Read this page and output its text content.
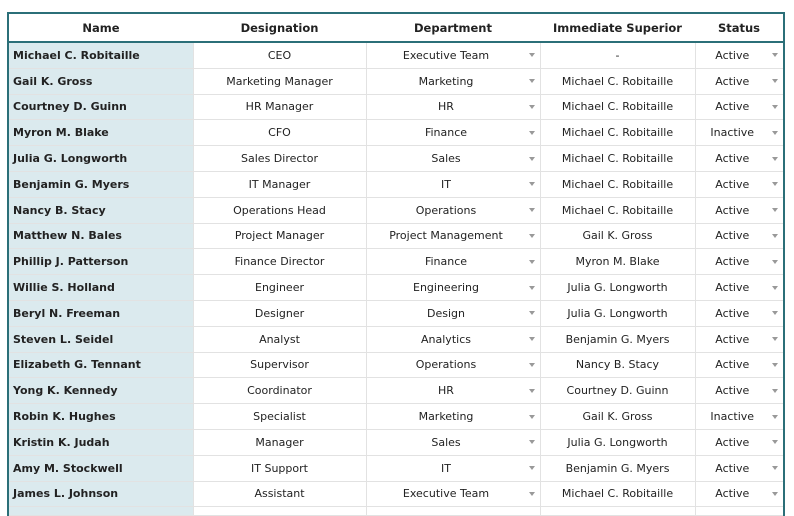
Name	Designation	Department	Immediate Superior	Status
Michael C. Robitaille	CEO	Executive Team	-	Active

Gail K. Gross	Marketing Manager	Marketing	Michael C. Robitaille	Active

Courtney D. Guinn	HR Manager	HR	Michael C. Robitaille	Active

Myron M. Blake	CFO	Finance	Michael C. Robitaille	Inactive

Julia G. Longworth	Sales Director	Sales	Michael C. Robitaille	Active

Benjamin G. Myers	IT Manager	IT	Michael C. Robitaille	Active

Nancy B. Stacy	Operations Head	Operations	Michael C. Robitaille	Active

Matthew N. Bales	Project Manager	Project Management	Gail K. Gross	Active

Phillip J. Patterson	Finance Director	Finance	Myron M. Blake	Active

Willie S. Holland	Engineer	Engineering	Julia G. Longworth	Active

Beryl N. Freeman	Designer	Design	Julia G. Longworth	Active

Steven L. Seidel	Analyst	Analytics	Benjamin G. Myers	Active

Elizabeth G. Tennant	Supervisor	Operations	Nancy B. Stacy	Active

Yong K. Kennedy	Coordinator	HR	Courtney D. Guinn	Active

Robin K. Hughes	Specialist	Marketing	Gail K. Gross	Inactive

Kristin K. Judah	Manager	Sales	Julia G. Longworth	Active

Amy M. Stockwell	IT Support	IT	Benjamin G. Myers	Active

James L. Johnson	Assistant	Executive Team	Michael C. Robitaille	Active
